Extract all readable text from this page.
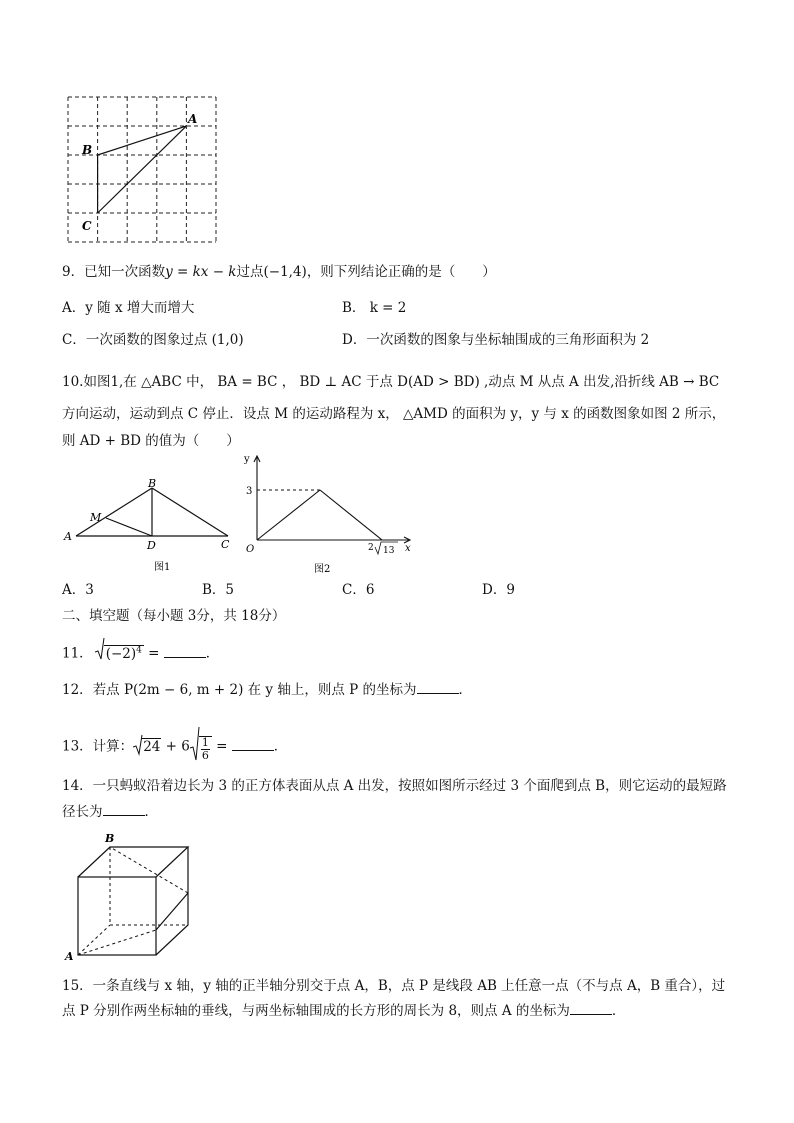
A
B
C
9．已知一次函数y = kx − k过点(−1,4)，则下列结论正确的是（　　）
A．y 随 x 增大而增大	B． k = 2
C．一次函数的图象过点 (1,0)	D．一次函数的图象与坐标轴围成的三角形面积为 2
10.如图1,在 △ABC 中， BA = BC ， BD ⊥ AC 于点 D(AD > BD) ,动点 M 从点 A 出发,沿折线 AB → BC
方向运动，运动到点 C 停止．设点 M 的运动路程为 x， △AMD 的面积为 y，y 与 x 的函数图象如图 2 所示，
则 AD + BD 的值为（　　）
A
B
C
D
M
图1
y
x
O
3
2 13
图2
A．3	B．5	C．6	D．9
二、填空题（每小题 3分，共 18分）
11． $(-2)^4$ =	．
12．若点 P(2m − 6, m + 2) 在 y 轴上，则点 P 的坐标为	．
13．计算： $24 + 6 \frac{1}{6}$ =	．
14．一只蚂蚁沿着边长为 3 的正方体表面从点 A 出发，按照如图所示经过 3 个面爬到点 B，则它运动的最短路
径长为	．
B
A
15．一条直线与 x 轴，y 轴的正半轴分别交于点 A，B，点 P 是线段 AB 上任意一点（不与点 A，B 重合），过
点 P 分别作两坐标轴的垂线，与两坐标轴围成的长方形的周长为 8，则点 A 的坐标为	．
